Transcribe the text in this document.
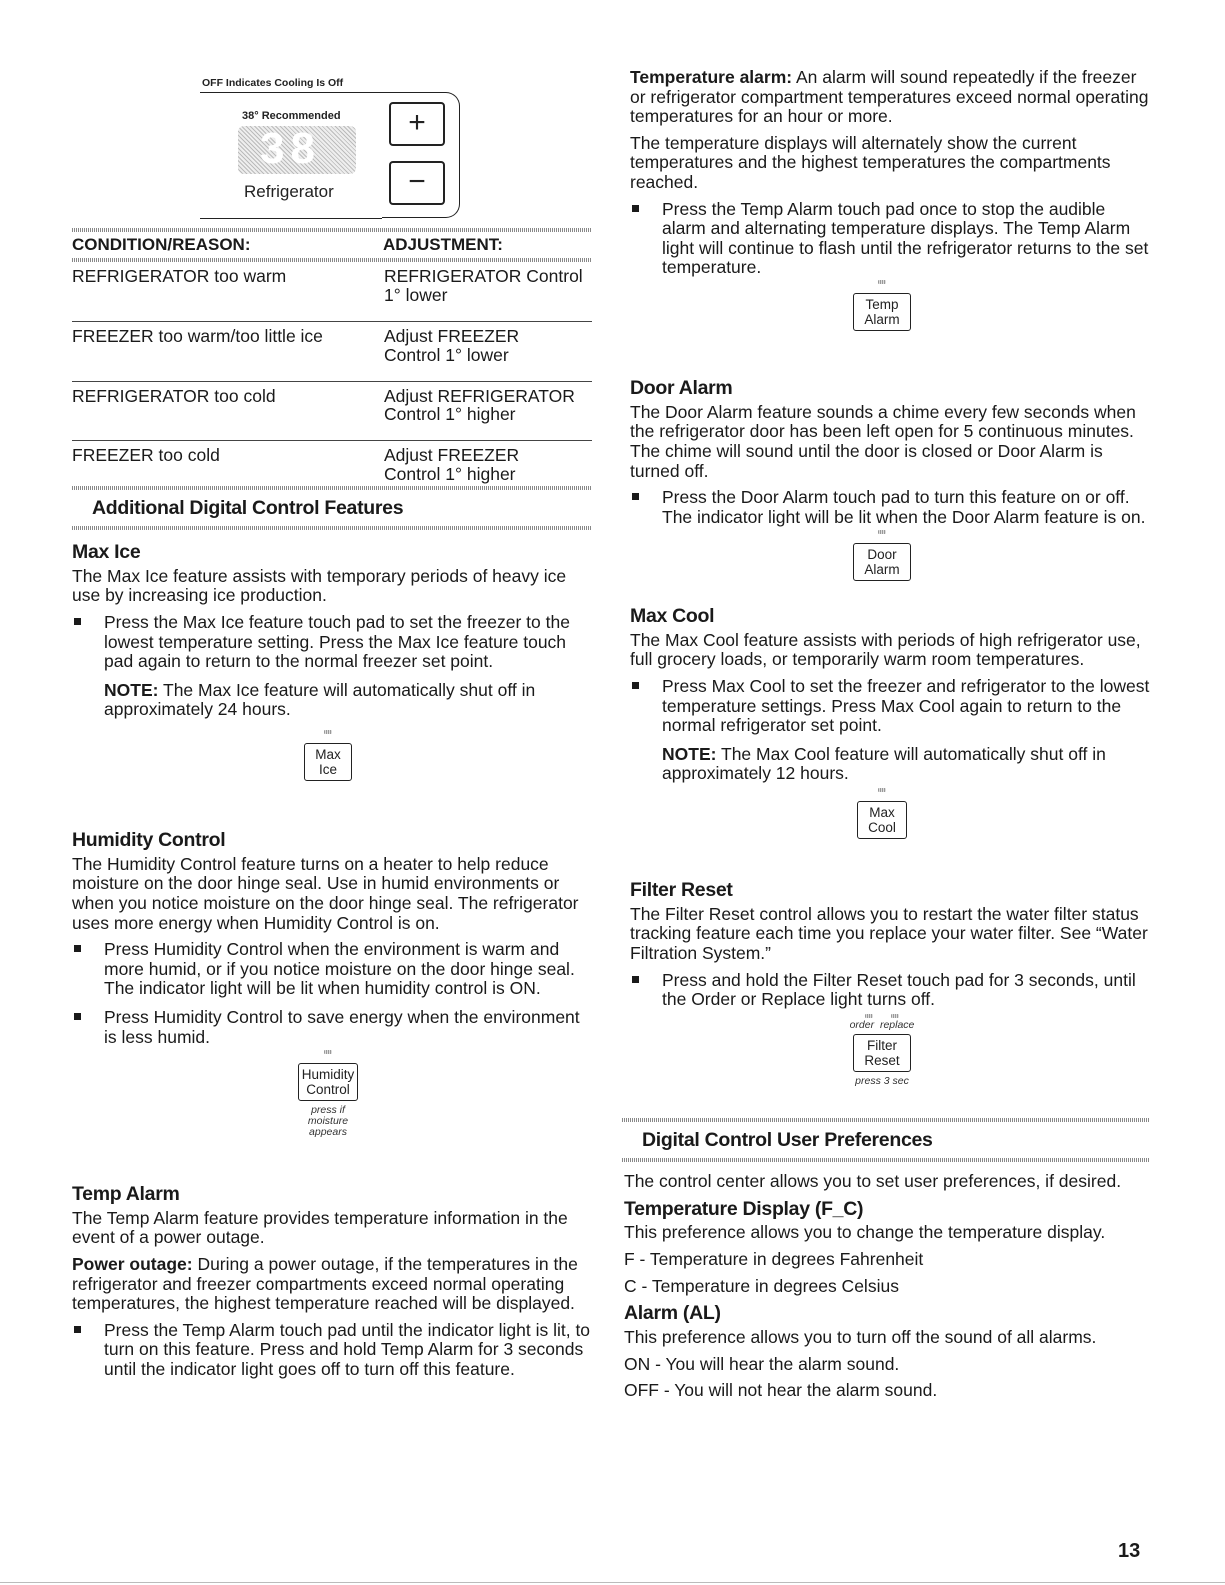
OFF Indicates Cooling Is Off
38° Recommended
38
Refrigerator
+
−
CONDITION/REASON:	ADJUSTMENT:
REFRIGERATOR too warm	REFRIGERATOR Control
1° lower
FREEZER too warm/too little ice	Adjust FREEZER
Control 1° lower
REFRIGERATOR too cold	Adjust REFRIGERATOR
Control 1° higher
FREEZER too cold	Adjust FREEZER
Control 1° higher
Additional Digital Control Features
Max Ice

The Max Ice feature assists with temporary periods of heavy ice use by increasing ice production.

Press the Max Ice feature touch pad to set the freezer to the lowest temperature setting. Press the Max Ice feature touch pad again to return to the normal freezer set point.

NOTE: The Max Ice feature will automatically shut off in approximately 24 hours.

Max
Ice
Humidity Control

The Humidity Control feature turns on a heater to help reduce moisture on the door hinge seal. Use in humid environments or when you notice moisture on the door hinge seal. The refrigerator uses more energy when Humidity Control is on.

Press Humidity Control when the environment is warm and more humid, or if you notice moisture on the door hinge seal. The indicator light will be lit when humidity control is ON.
Press Humidity Control to save energy when the environment is less humid.
Humidity
Control
press if
moisture
appears
Temp Alarm

The Temp Alarm feature provides temperature information in the event of a power outage.

Power outage: During a power outage, if the temperatures in the refrigerator and freezer compartments exceed normal operating temperatures, the highest temperature reached will be displayed.

Press the Temp Alarm touch pad until the indicator light is lit, to turn on this feature. Press and hold Temp Alarm for 3 seconds until the indicator light goes off to turn off this feature.

Temperature alarm: An alarm will sound repeatedly if the freezer or refrigerator compartment temperatures exceed normal operating temperatures for an hour or more.

The temperature displays will alternately show the current temperatures and the highest temperatures the compartments reached.

Press the Temp Alarm touch pad once to stop the audible alarm and alternating temperature displays. The Temp Alarm light will continue to flash until the refrigerator returns to the set temperature.
Temp
Alarm
Door Alarm

The Door Alarm feature sounds a chime every few seconds when the refrigerator door has been left open for 5 continuous minutes. The chime will sound until the door is closed or Door Alarm is turned off.

Press the Door Alarm touch pad to turn this feature on or off. The indicator light will be lit when the Door Alarm feature is on.
Door
Alarm
Max Cool

The Max Cool feature assists with periods of high refrigerator use, full grocery loads, or temporarily warm room temperatures.

Press Max Cool to set the freezer and refrigerator to the lowest temperature settings. Press Max Cool again to return to the normal refrigerator set point.

NOTE: The Max Cool feature will automatically shut off in approximately 12 hours.

Max
Cool
Filter Reset

The Filter Reset control allows you to restart the water filter status tracking feature each time you replace your water filter. See “Water Filtration System.”

Press and hold the Filter Reset touch pad for 3 seconds, until the Order or Replace light turns off.
order replace
Filter
Reset
press 3 sec
Digital Control User Preferences

The control center allows you to set user preferences, if desired.

Temperature Display (F_C)

This preference allows you to change the temperature display.

F - Temperature in degrees Fahrenheit

C - Temperature in degrees Celsius

Alarm (AL)

This preference allows you to turn off the sound of all alarms.

ON - You will hear the alarm sound.

OFF - You will not hear the alarm sound.

13
